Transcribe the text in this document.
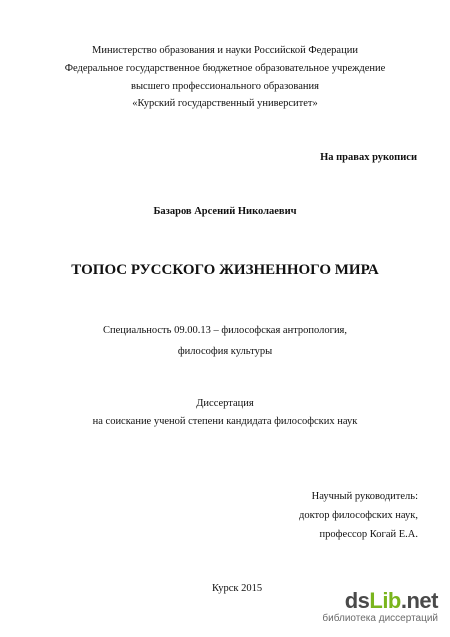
Министерство образования и науки Российской Федерации
Федеральное государственное бюджетное образовательное учреждение
высшего профессионального образования
«Курский государственный университет»
На правах рукописи
Базаров Арсений Николаевич
ТОПОС РУССКОГО ЖИЗНЕННОГО МИРА
Специальность 09.00.13 – философская антропология,
философия культуры
Диссертация
на соискание ученой степени кандидата философских наук
Научный руководитель:
доктор философских наук,
профессор Когай Е.А.
Курск 2015	dsLib.net
библиотека диссертаций
